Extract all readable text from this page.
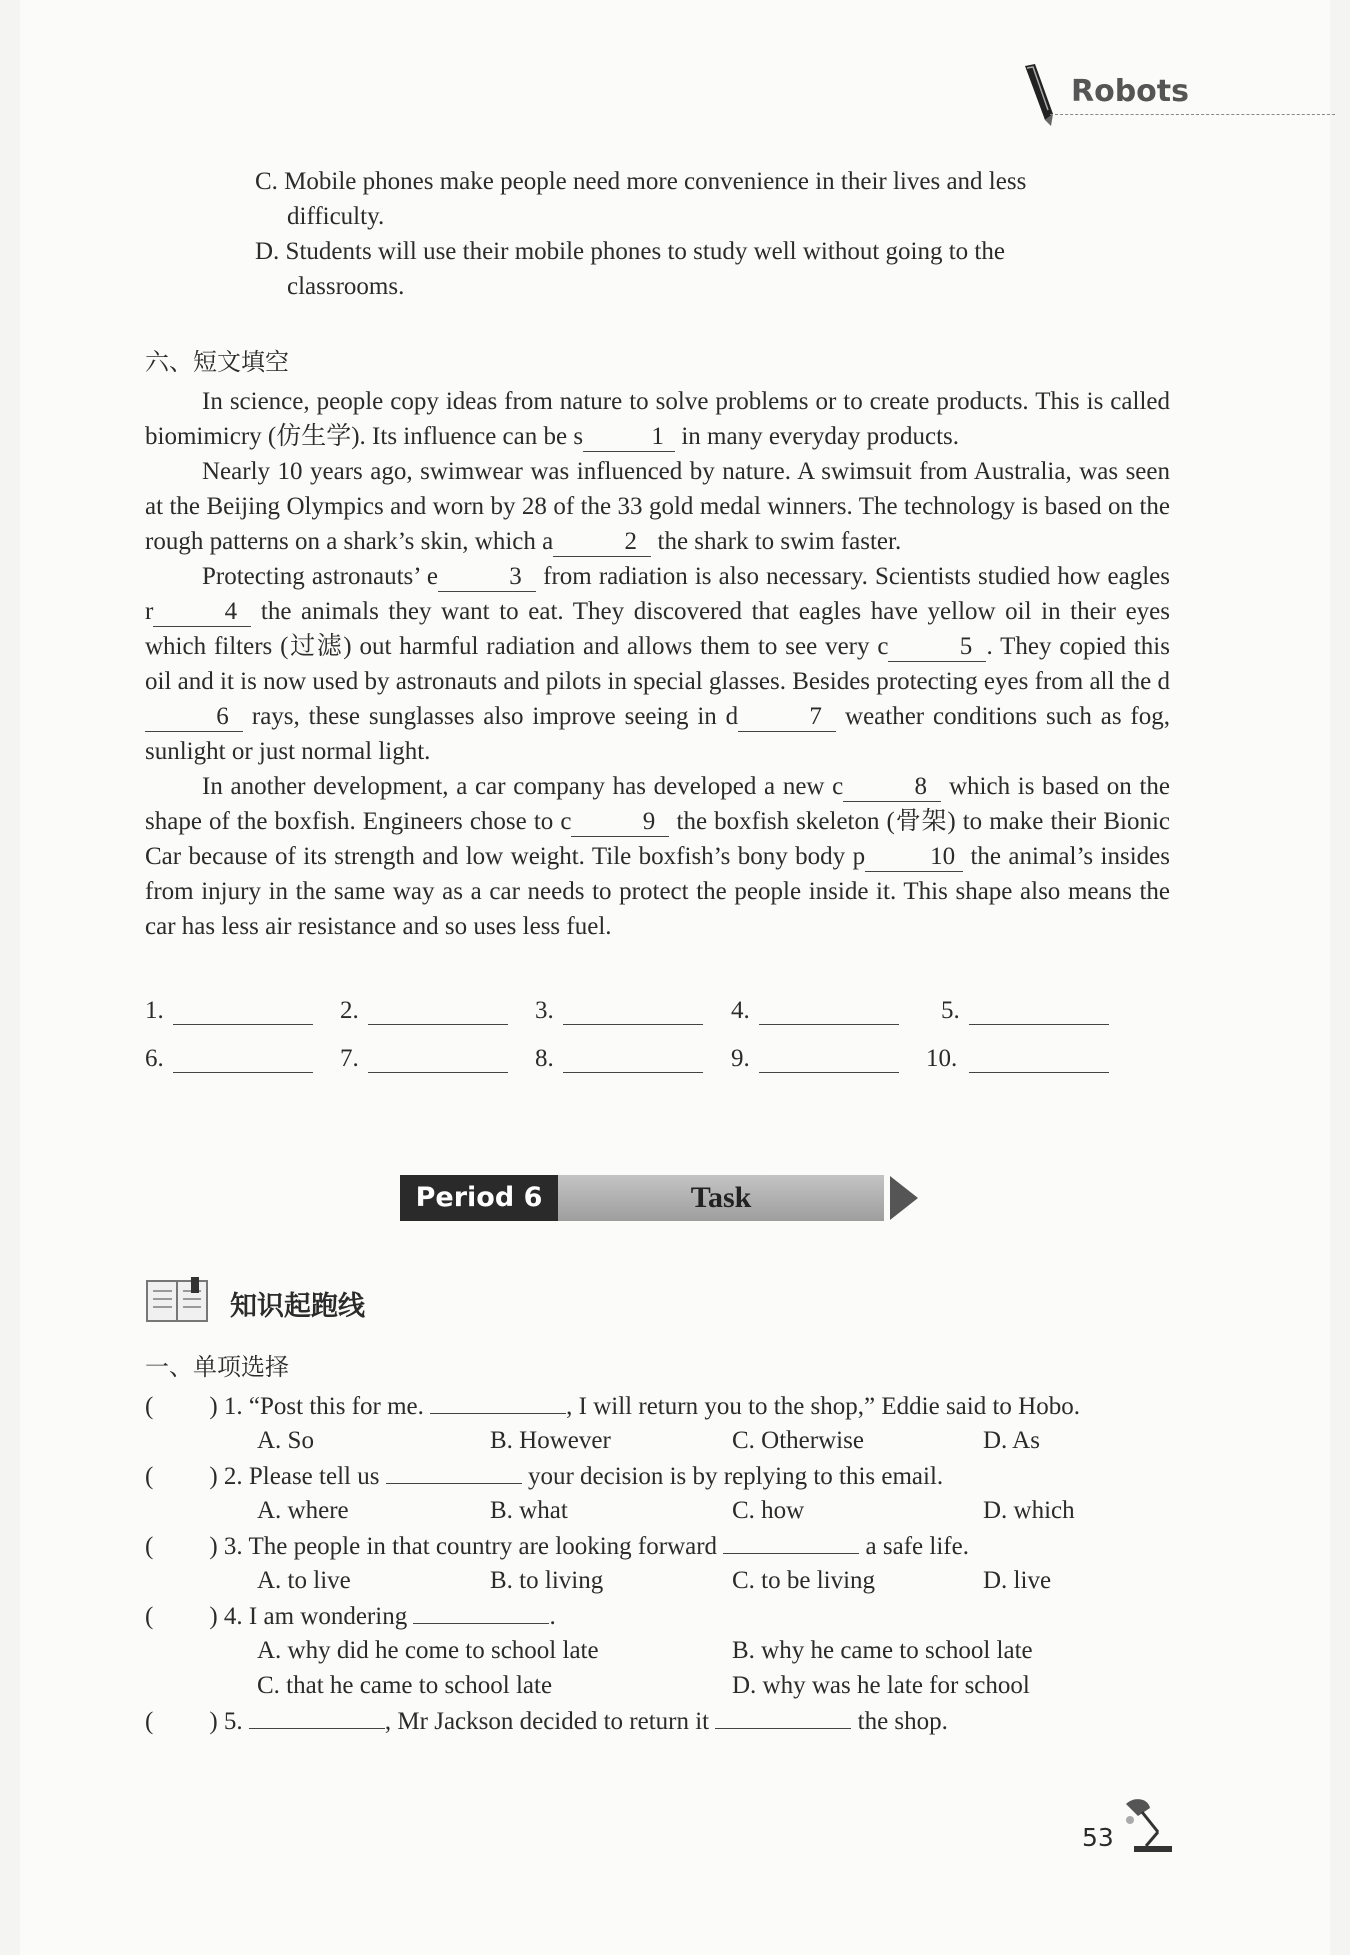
Robots
C. Mobile phones make people need more convenience in their lives and less
difficulty.
D. Students will use their mobile phones to study well without going to the
classrooms.
六、短文填空

In science, people copy ideas from nature to solve problems or to create products. This is called biomimicry (仿生学). Its influence can be s	1 in many everyday products.

Nearly 10 years ago, swimwear was influenced by nature. A swimsuit from Australia, was seen at the Beijing Olympics and worn by 28 of the 33 gold medal winners. The technology is based on the rough patterns on a shark’s skin, which a	2 the shark to swim faster.

Protecting astronauts’ e	3 from radiation is also necessary. Scientists studied how eagles r	4 the animals they want to eat. They discovered that eagles have yellow oil in their eyes which filters (过滤) out harmful radiation and allows them to see very c	5 . They copied this oil and it is now used by astronauts and pilots in special glasses. Besides protecting eyes from all the d6 rays, these sunglasses also improve seeing in d	7 weather conditions such as fog, sunlight or just normal light.

In another development, a car company has developed a new c	8 which is based on the shape of the boxfish. Engineers chose to c	9 the boxfish skeleton (骨架) to make their Bionic Car because of its strength and low weight. Tile boxfish’s bony body p	10 the animal’s insides from injury in the same way as a car needs to protect the people inside it. This shape also means the car has less air resistance and so uses less fuel.

1.	2.	3.	4.	5.
6.	7.	8.	9.	10.
Period 6	Task
知识起跑线
一、单项选择
( ) 1. “Post this for me.	, I will return you to the shop,” Eddie said to Hobo.
A. So	B. However	C. Otherwise	D. As
( ) 2. Please tell us	your decision is by replying to this email.
A. where	B. what	C. how	D. which
( ) 3. The people in that country are looking forward	a safe life.
A. to live	B. to living	C. to be living	D. live
( ) 4. I am wondering	.
A. why did he come to school late	B. why he came to school late
C. that he came to school late	D. why was he late for school
( ) 5.	, Mr Jackson decided to return it	the shop.
53
